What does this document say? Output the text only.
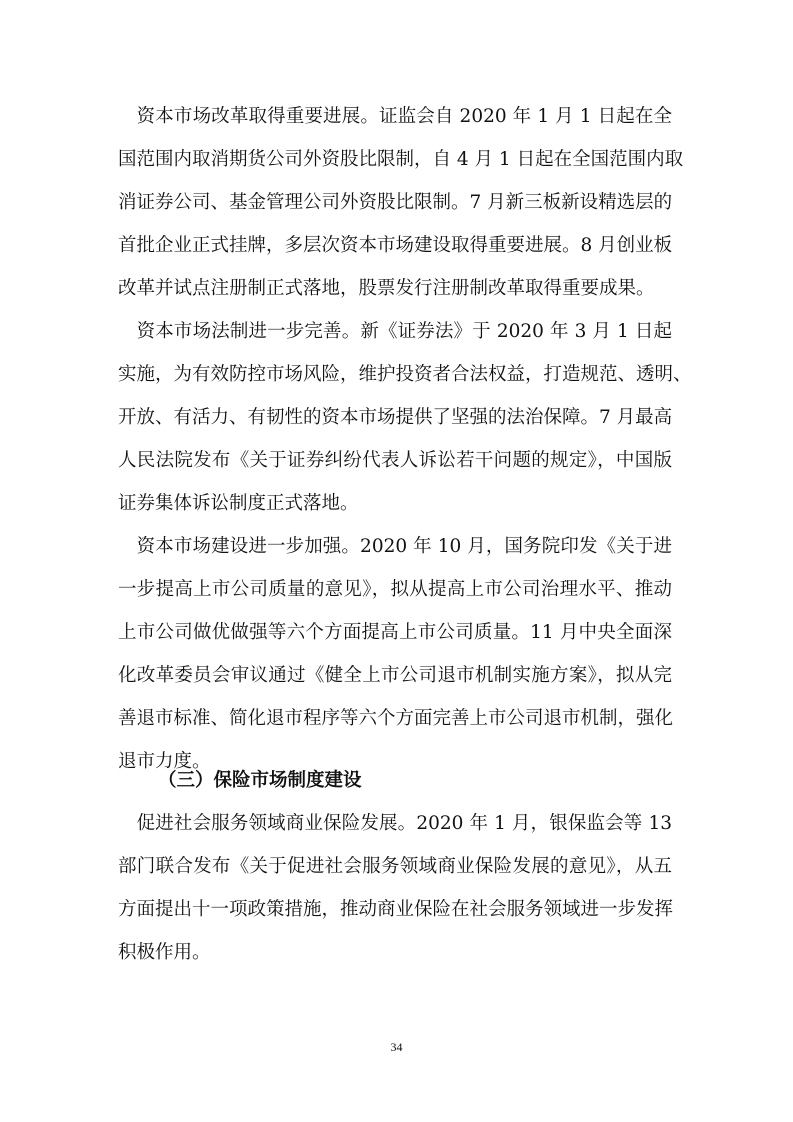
　资本市场改革取得重要进展。证监会自 2020 年 1 月 1 日起在全
国范围内取消期货公司外资股比限制，自 4 月 1 日起在全国范围内取
消证券公司、基金管理公司外资股比限制。7 月新三板新设精选层的
首批企业正式挂牌，多层次资本市场建设取得重要进展。8 月创业板
改革并试点注册制正式落地，股票发行注册制改革取得重要成果。
　资本市场法制进一步完善。新《证券法》于 2020 年 3 月 1 日起
实施，为有效防控市场风险，维护投资者合法权益，打造规范、透明、
开放、有活力、有韧性的资本市场提供了坚强的法治保障。7 月最高
人民法院发布《关于证券纠纷代表人诉讼若干问题的规定》，中国版
证券集体诉讼制度正式落地。
　资本市场建设进一步加强。2020 年 10 月，国务院印发《关于进
一步提高上市公司质量的意见》，拟从提高上市公司治理水平、推动
上市公司做优做强等六个方面提高上市公司质量。11 月中央全面深
化改革委员会审议通过《健全上市公司退市机制实施方案》，拟从完
善退市标准、简化退市程序等六个方面完善上市公司退市机制，强化
退市力度。
（三）保险市场制度建设
　促进社会服务领域商业保险发展。2020 年 1 月，银保监会等 13
部门联合发布《关于促进社会服务领域商业保险发展的意见》，从五
方面提出十一项政策措施，推动商业保险在社会服务领域进一步发挥
积极作用。
34
